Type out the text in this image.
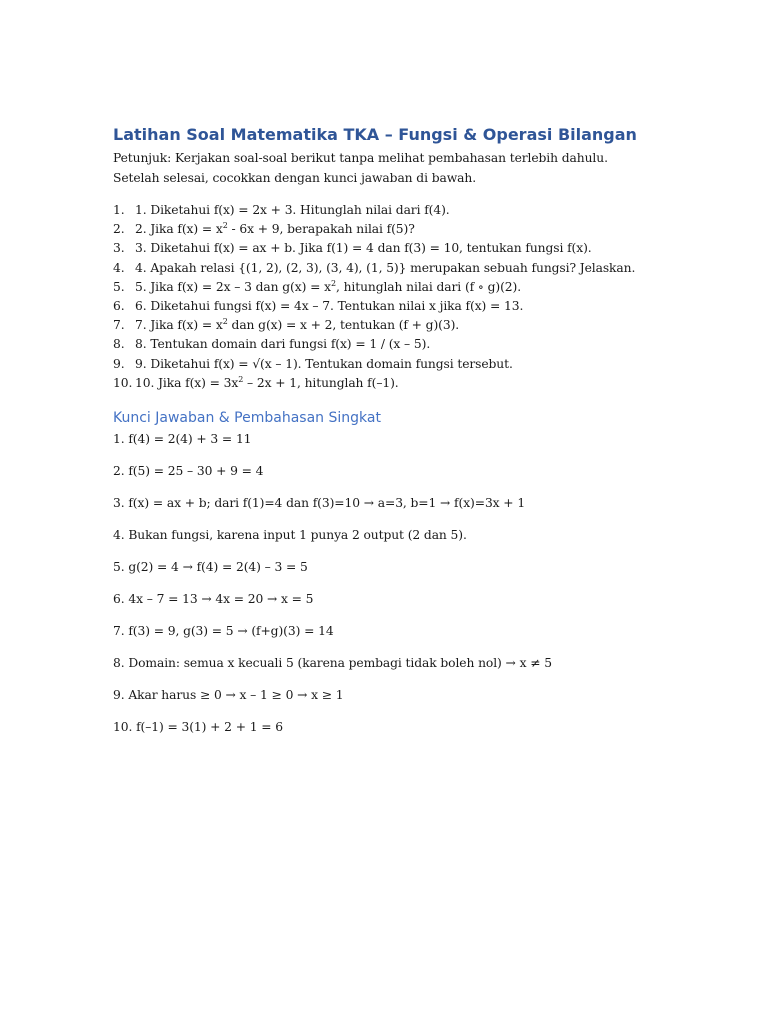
Latihan Soal Matematika TKA – Fungsi & Operasi Bilangan

Petunjuk: Kerjakan soal-soal berikut tanpa melihat pembahasan terlebih dahulu. Setelah selesai, cocokkan dengan kunci jawaban di bawah.

1. 1. Diketahui f(x) = 2x + 3. Hitunglah nilai dari f(4).
2. 2. Jika $f(x) = x^2 - 6x + 9$, berapakah nilai f(5)?
3. 3. Diketahui f(x) = ax + b. Jika f(1) = 4 dan f(3) = 10, tentukan fungsi f(x).
4. 4. Apakah relasi {(1, 2), (2, 3), (3, 4), (1, 5)} merupakan sebuah fungsi? Jelaskan.
5. 5. Jika f(x) = 2x – 3 dan $g(x) = x^2$, hitunglah nilai dari (f ∘ g)(2).
6. 6. Diketahui fungsi f(x) = 4x – 7. Tentukan nilai x jika f(x) = 13.
7. 7. Jika $f(x) = x^2$ dan g(x) = x + 2, tentukan (f + g)(3).
8. 8. Tentukan domain dari fungsi f(x) = 1 / (x – 5).
9. 9. Diketahui f(x) = √(x – 1). Tentukan domain fungsi tersebut.
10. 10. Jika $f(x) = 3x^2 - 2x + 1$, hitunglah f(–1).
Kunci Jawaban & Pembahasan Singkat

1. f(4) = 2(4) + 3 = 11

2. f(5) = 25 – 30 + 9 = 4

3. f(x) = ax + b; dari f(1)=4 dan f(3)=10 → a=3, b=1 → f(x)=3x + 1

4. Bukan fungsi, karena input 1 punya 2 output (2 dan 5).

5. g(2) = 4 → f(4) = 2(4) – 3 = 5

6. 4x – 7 = 13 → 4x = 20 → x = 5

7. f(3) = 9, g(3) = 5 → (f+g)(3) = 14

8. Domain: semua x kecuali 5 (karena pembagi tidak boleh nol) → x ≠ 5

9. Akar harus ≥ 0 → x – 1 ≥ 0 → x ≥ 1

10. f(–1) = 3(1) + 2 + 1 = 6
